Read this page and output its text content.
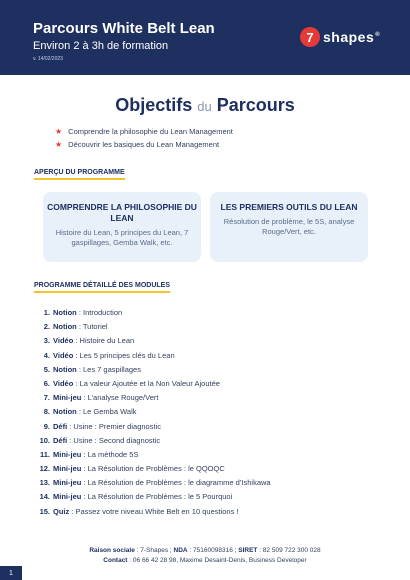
Parcours White Belt Lean
Environ 2 à 3h de formation
v. 14/02/2023
7 shapes®
Objectifs du Parcours
★ Comprendre la philosophie du Lean Management
★ Découvrir les basiques du Lean Management
APERÇU DU PROGRAMME
COMPRENDRE LA PHILOSOPHIE DU LEAN
Histoire du Lean, 5 principes du Lean, 7 gaspillages, Gemba Walk, etc.
LES PREMIERS OUTILS DU LEAN
Résolution de problème, le 5S, analyse Rouge/Vert, etc.
PROGRAMME DÉTAILLÉ DES MODULES
1. Notion : Introduction
2. Notion : Tutoriel
3. Vidéo : Histoire du Lean
4. Vidéo : Les 5 principes clés du Lean
5. Notion : Les 7 gaspillages
6. Vidéo : La valeur Ajoutée et la Non Valeur Ajoutée
7. Mini-jeu : L’analyse Rouge/Vert
8. Notion : Le Gemba Walk
9. Défi : Usine : Premier diagnostic
10. Défi : Usine : Second diagnostic
11. Mini-jeu : La méthode 5S
12. Mini-jeu : La Résolution de Problèmes : le QQOQC
13. Mini-jeu : La Résolution de Problèmes : le diagramme d’Ishikawa
14. Mini-jeu : La Résolution de Problèmes : le 5 Pourquoi
15. Quiz : Passez votre niveau White Belt en 10 questions !
Raison sociale : 7-Shapes ; NDA : 75160098316 ; SIRET : 82 509 722 300 028
Contact : 06 66 42 28 98, Maxime Desaint-Denis, Business Developer
1
